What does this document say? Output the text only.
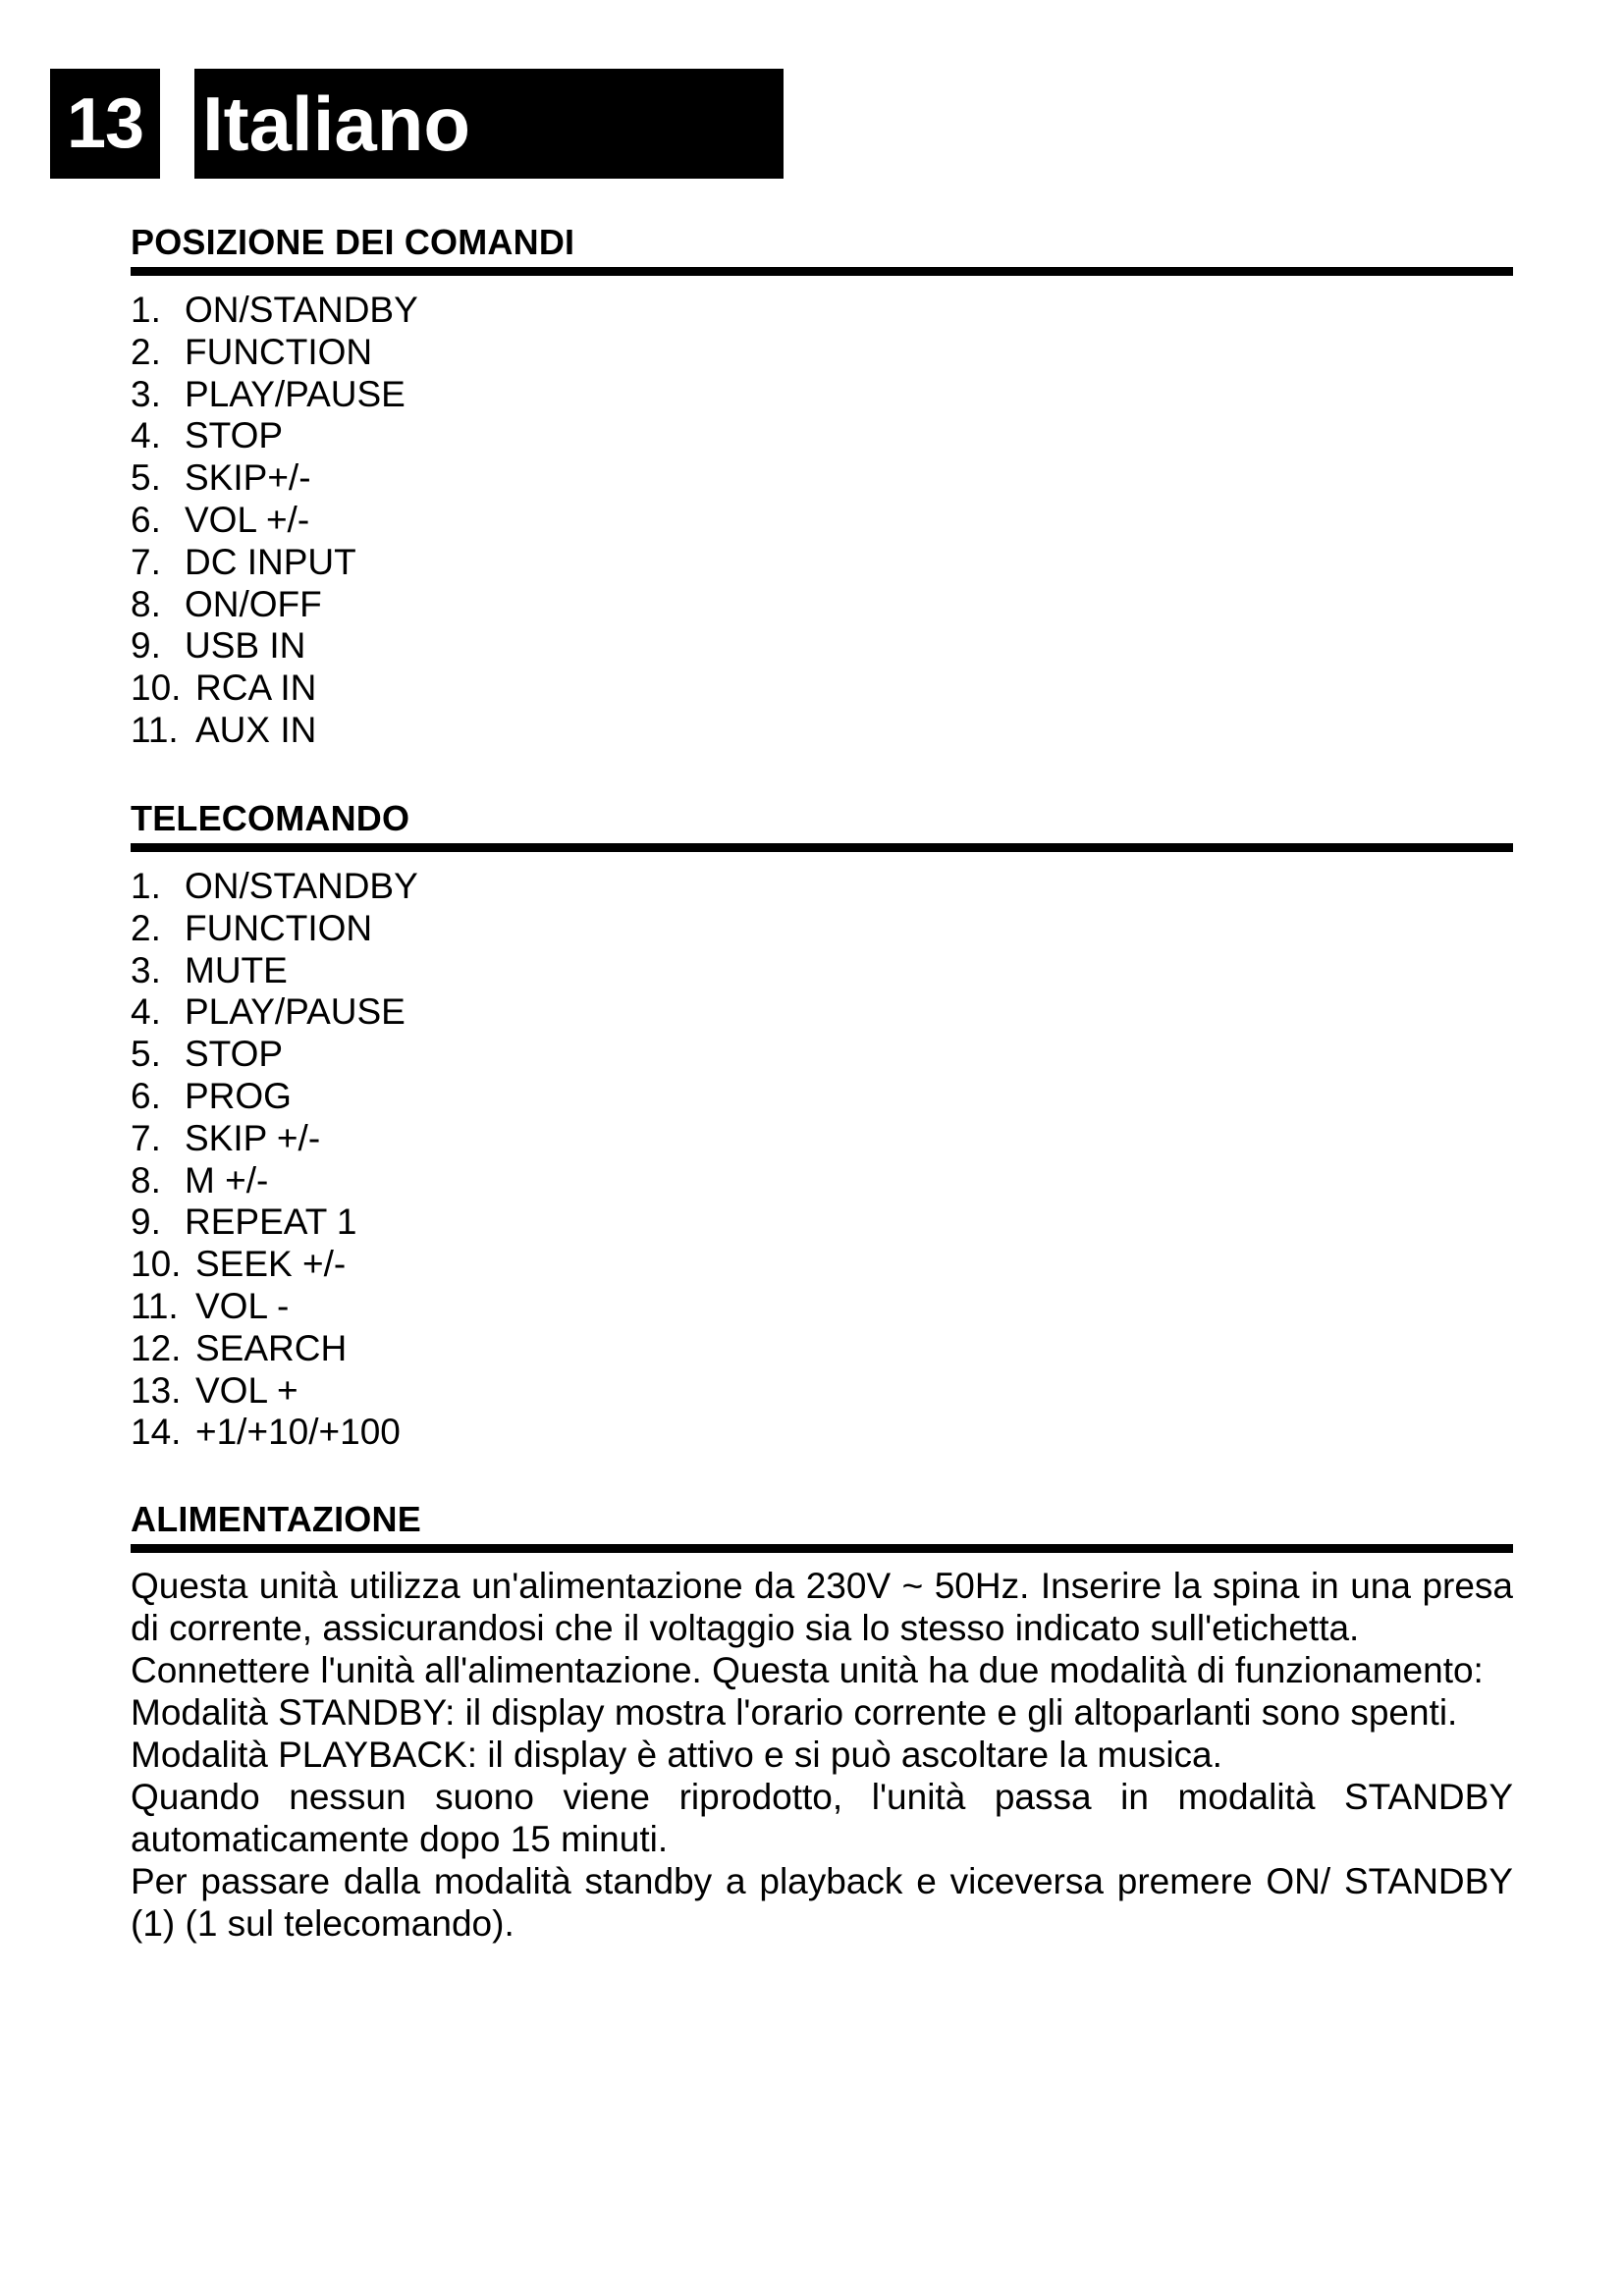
13 Italiano
POSIZIONE DEI COMANDI
1. ON/STANDBY
2. FUNCTION
3. PLAY/PAUSE
4. STOP
5. SKIP+/-
6. VOL +/-
7. DC INPUT
8. ON/OFF
9. USB IN
10. RCA IN
11. AUX IN
TELECOMANDO
1. ON/STANDBY
2. FUNCTION
3. MUTE
4. PLAY/PAUSE
5. STOP
6. PROG
7. SKIP +/-
8. M +/-
9. REPEAT 1
10. SEEK +/-
11. VOL -
12. SEARCH
13. VOL +
14. +1/+10/+100
ALIMENTAZIONE

Questa unità utilizza un'alimentazione da 230V ~ 50Hz. Inserire la spina in una presa di corrente, assicurandosi che il voltaggio sia lo stesso indicato sull'etichetta.

Connettere l'unità all'alimentazione. Questa unità ha due modalità di funzionamento:

Modalità STANDBY: il display mostra l'orario corrente e gli altoparlanti sono spenti.

Modalità PLAYBACK: il display è attivo e si può ascoltare la musica.

Quando nessun suono viene riprodotto, l'unità passa in modalità STANDBY automaticamente dopo 15 minuti.

Per passare dalla modalità standby a playback e viceversa premere ON/ STANDBY (1) (1 sul telecomando).
